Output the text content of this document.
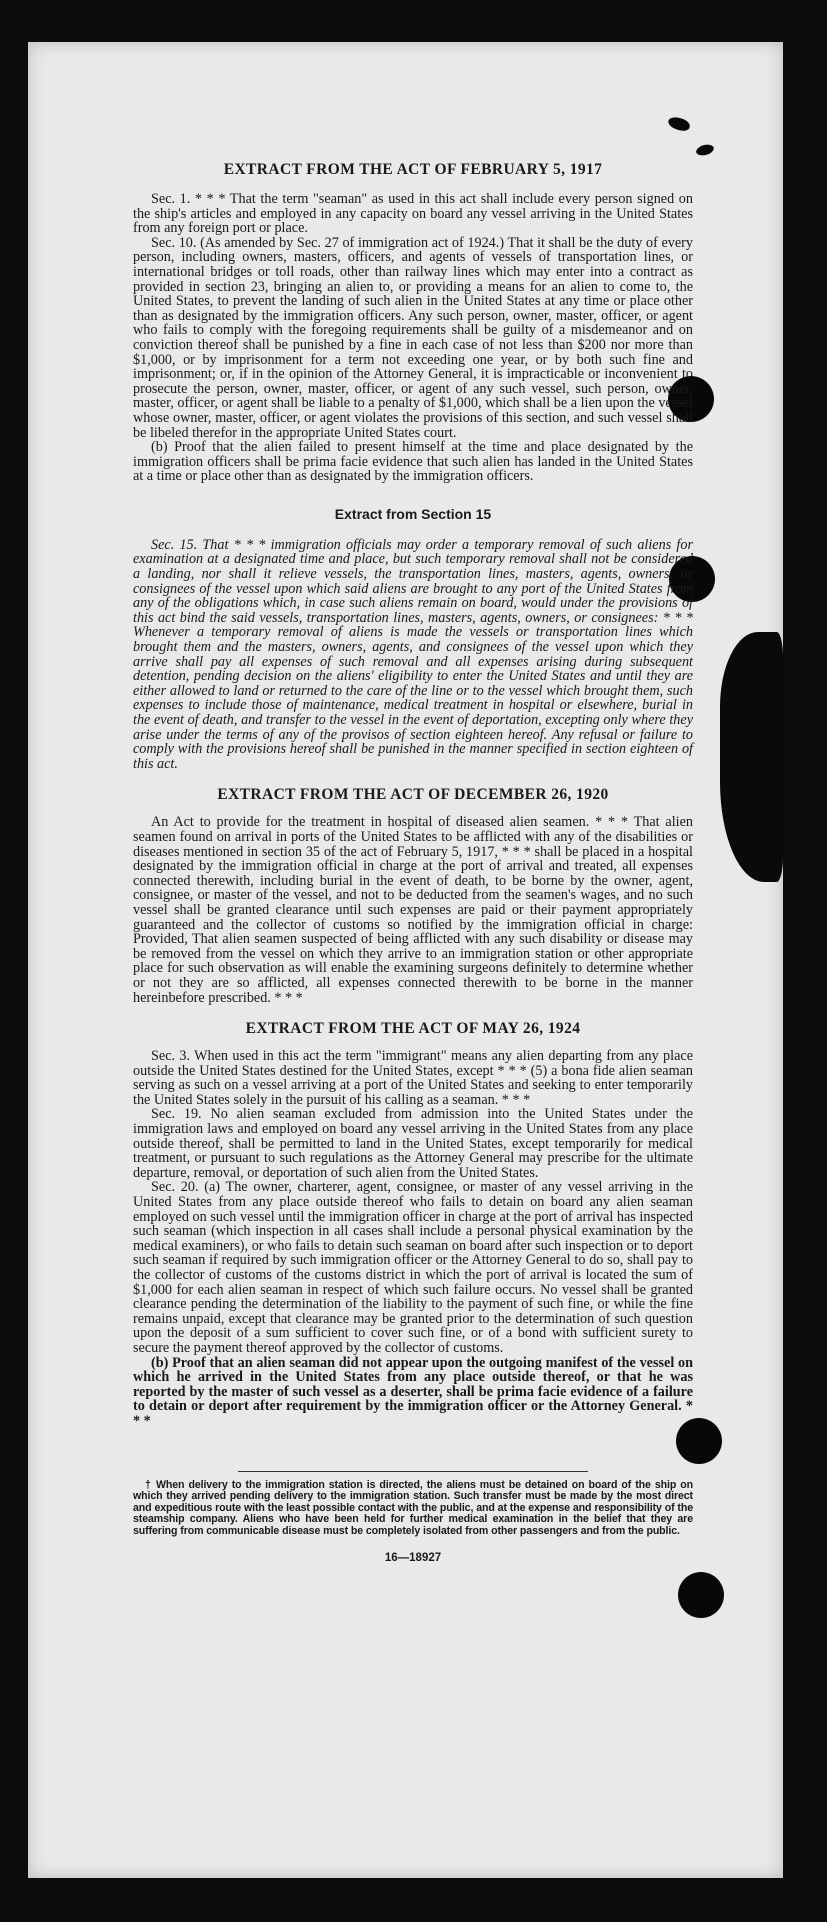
EXTRACT FROM THE ACT OF FEBRUARY 5, 1917

Sec. 1. * * * That the term "seaman" as used in this act shall include every person signed on the ship's articles and employed in any capacity on board any vessel arriving in the United States from any foreign port or place.

Sec. 10. (As amended by Sec. 27 of immigration act of 1924.) That it shall be the duty of every person, including owners, masters, officers, and agents of vessels of transportation lines, or international bridges or toll roads, other than railway lines which may enter into a contract as provided in section 23, bringing an alien to, or providing a means for an alien to come to, the United States, to prevent the landing of such alien in the United States at any time or place other than as designated by the immigration officers. Any such person, owner, master, officer, or agent who fails to comply with the foregoing requirements shall be guilty of a misdemeanor and on conviction thereof shall be punished by a fine in each case of not less than $200 nor more than $1,000, or by imprisonment for a term not exceeding one year, or by both such fine and imprisonment; or, if in the opinion of the Attorney General, it is impracticable or inconvenient to prosecute the person, owner, master, officer, or agent of any such vessel, such person, owner, master, officer, or agent shall be liable to a penalty of $1,000, which shall be a lien upon the vessel whose owner, master, officer, or agent violates the provisions of this section, and such vessel shall be libeled therefor in the appropriate United States court.

(b) Proof that the alien failed to present himself at the time and place designated by the immigration officers shall be prima facie evidence that such alien has landed in the United States at a time or place other than as designated by the immigration officers.

Extract from Section 15

Sec. 15. That * * * immigration officials may order a temporary removal of such aliens for examination at a designated time and place, but such temporary removal shall not be considered a landing, nor shall it relieve vessels, the transportation lines, masters, agents, owners, or consignees of the vessel upon which said aliens are brought to any port of the United States from any of the obligations which, in case such aliens remain on board, would under the provisions of this act bind the said vessels, transportation lines, masters, agents, owners, or consignees: * * * Whenever a temporary removal of aliens is made the vessels or transportation lines which brought them and the masters, owners, agents, and consignees of the vessel upon which they arrive shall pay all expenses of such removal and all expenses arising during subsequent detention, pending decision on the aliens' eligibility to enter the United States and until they are either allowed to land or returned to the care of the line or to the vessel which brought them, such expenses to include those of maintenance, medical treatment in hospital or elsewhere, burial in the event of death, and transfer to the vessel in the event of deportation, excepting only where they arise under the terms of any of the provisos of section eighteen hereof. Any refusal or failure to comply with the provisions hereof shall be punished in the manner specified in section eighteen of this act.

EXTRACT FROM THE ACT OF DECEMBER 26, 1920

An Act to provide for the treatment in hospital of diseased alien seamen. * * * That alien seamen found on arrival in ports of the United States to be afflicted with any of the disabilities or diseases mentioned in section 35 of the act of February 5, 1917, * * * shall be placed in a hospital designated by the immigration official in charge at the port of arrival and treated, all expenses connected therewith, including burial in the event of death, to be borne by the owner, agent, consignee, or master of the vessel, and not to be deducted from the seamen's wages, and no such vessel shall be granted clearance until such expenses are paid or their payment appropriately guaranteed and the collector of customs so notified by the immigration official in charge: Provided, That alien seamen suspected of being afflicted with any such disability or disease may be removed from the vessel on which they arrive to an immigration station or other appropriate place for such observation as will enable the examining surgeons definitely to determine whether or not they are so afflicted, all expenses connected therewith to be borne in the manner hereinbefore prescribed. * * *

EXTRACT FROM THE ACT OF MAY 26, 1924

Sec. 3. When used in this act the term "immigrant" means any alien departing from any place outside the United States destined for the United States, except * * * (5) a bona fide alien seaman serving as such on a vessel arriving at a port of the United States and seeking to enter temporarily the United States solely in the pursuit of his calling as a seaman. * * *

Sec. 19. No alien seaman excluded from admission into the United States under the immigration laws and employed on board any vessel arriving in the United States from any place outside thereof, shall be permitted to land in the United States, except temporarily for medical treatment, or pursuant to such regulations as the Attorney General may prescribe for the ultimate departure, removal, or deportation of such alien from the United States.

Sec. 20. (a) The owner, charterer, agent, consignee, or master of any vessel arriving in the United States from any place outside thereof who fails to detain on board any alien seaman employed on such vessel until the immigration officer in charge at the port of arrival has inspected such seaman (which inspection in all cases shall include a personal physical examination by the medical examiners), or who fails to detain such seaman on board after such inspection or to deport such seaman if required by such immigration officer or the Attorney General to do so, shall pay to the collector of customs of the customs district in which the port of arrival is located the sum of $1,000 for each alien seaman in respect of which such failure occurs. No vessel shall be granted clearance pending the determination of the liability to the payment of such fine, or while the fine remains unpaid, except that clearance may be granted prior to the determination of such question upon the deposit of a sum sufficient to cover such fine, or of a bond with sufficient surety to secure the payment thereof approved by the collector of customs.

(b) Proof that an alien seaman did not appear upon the outgoing manifest of the vessel on which he arrived in the United States from any place outside thereof, or that he was reported by the master of such vessel as a deserter, shall be prima facie evidence of a failure to detain or deport after requirement by the immigration officer or the Attorney General. * * *

† When delivery to the immigration station is directed, the aliens must be detained on board of the ship on which they arrived pending delivery to the immigration station. Such transfer must be made by the most direct and expeditious route with the least possible contact with the public, and at the expense and responsibility of the steamship company. Aliens who have been held for further medical examination in the belief that they are suffering from communicable disease must be completely isolated from other passengers and from the public.

16—18927
